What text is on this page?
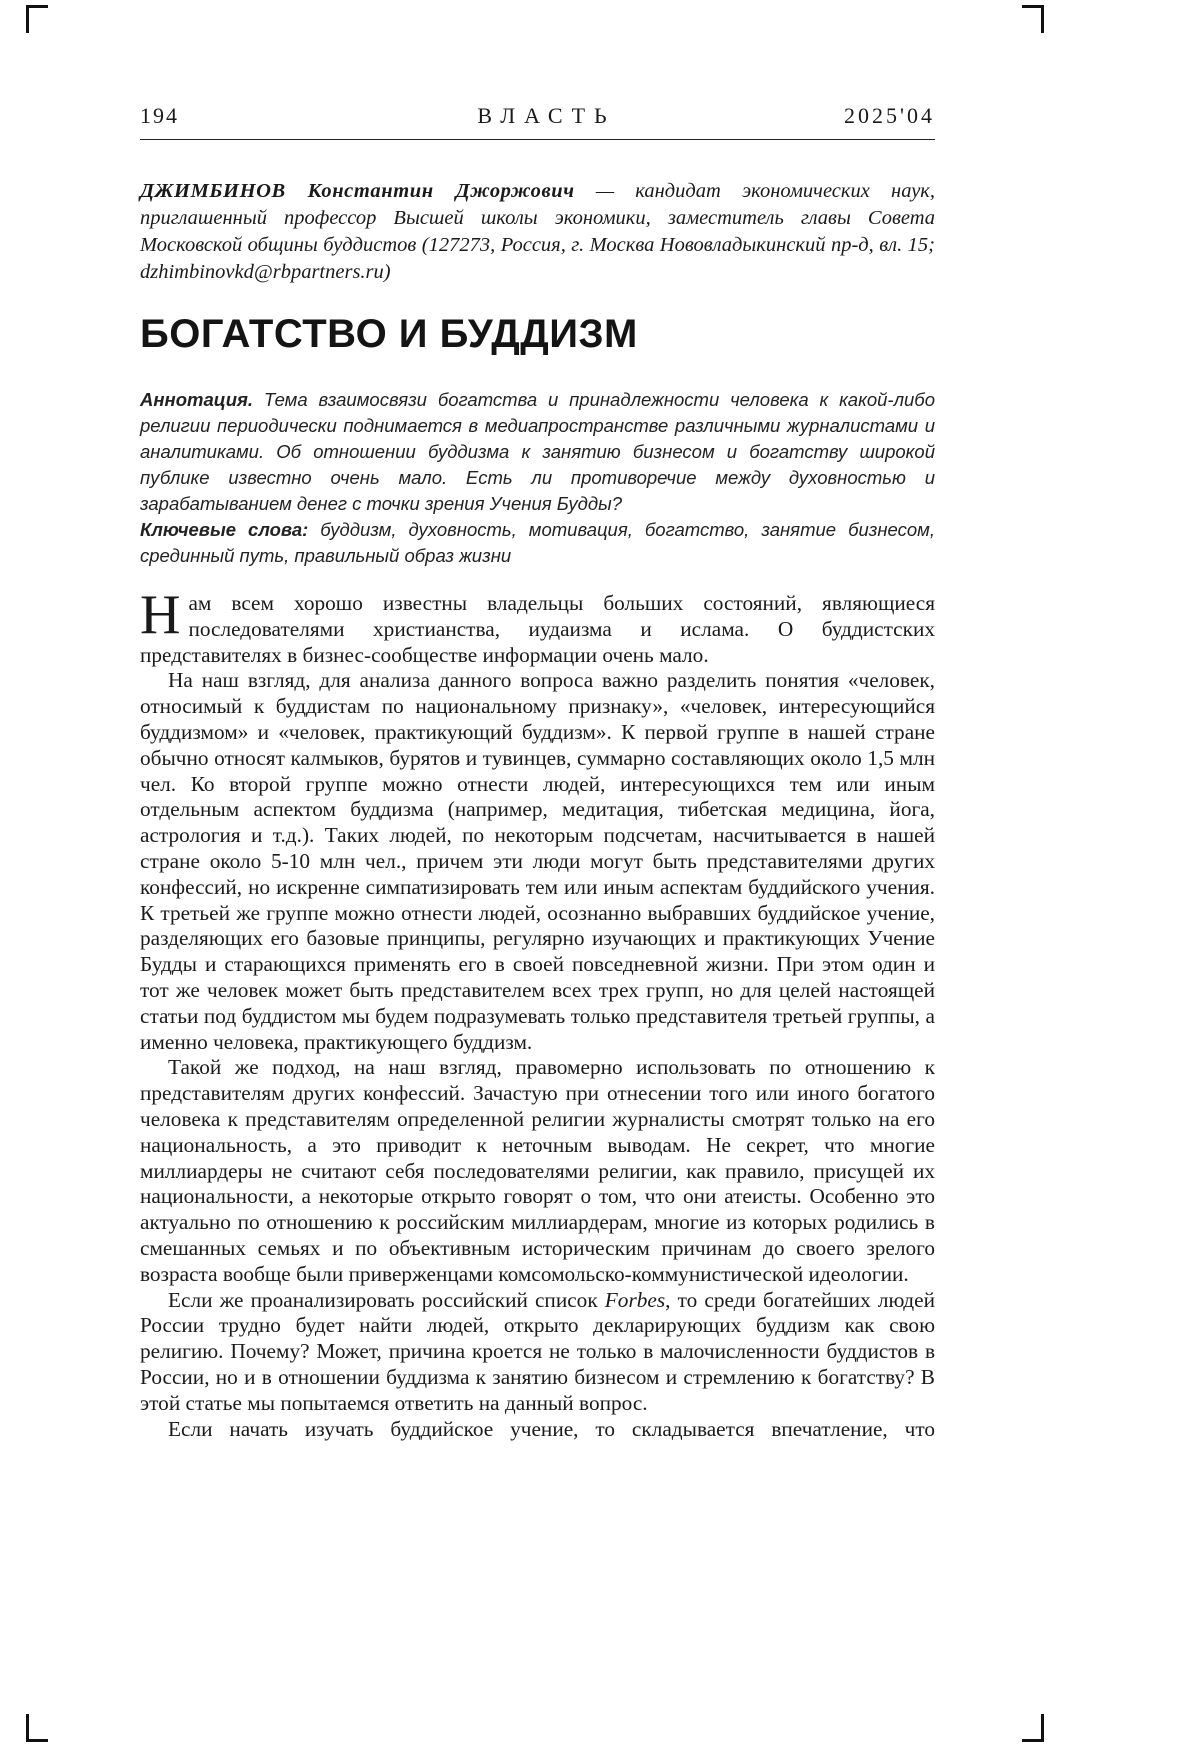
194	ВЛАСТЬ	2025'04
ДЖИМБИНОВ Константин Джоржович — кандидат экономических наук, приглашенный профессор Высшей школы экономики, заместитель главы Совета Московской общины буддистов (127273, Россия, г. Москва Нововладыкинский пр-д, вл. 15; dzhimbinovkd@rbpartners.ru)
БОГАТСТВО И БУДДИЗМ
Аннотация. Тема взаимосвязи богатства и принадлежности человека к какой-либо религии периодически поднимается в медиапространстве различными журналистами и аналитиками. Об отношении буддизма к занятию бизнесом и богатству широкой публике известно очень мало. Есть ли противоречие между духовностью и зарабатыванием денег с точки зрения Учения Будды?
Ключевые слова: буддизм, духовность, мотивация, богатство, занятие бизнесом, срединный путь, правильный образ жизни

Нам всем хорошо известны владельцы больших состояний, являющиеся последователями христианства, иудаизма и ислама. О буддистских представителях в бизнес-сообществе информации очень мало.

На наш взгляд, для анализа данного вопроса важно разделить понятия «человек, относимый к буддистам по национальному признаку», «человек, интересующийся буддизмом» и «человек, практикующий буддизм». К первой группе в нашей стране обычно относят калмыков, бурятов и тувинцев, суммарно составляющих около 1,5 млн чел. Ко второй группе можно отнести людей, интересующихся тем или иным отдельным аспектом буддизма (например, медитация, тибетская медицина, йога, астрология и т.д.). Таких людей, по некоторым подсчетам, насчитывается в нашей стране около 5-10 млн чел., причем эти люди могут быть представителями других конфессий, но искренне симпатизировать тем или иным аспектам буддийского учения. К третьей же группе можно отнести людей, осознанно выбравших буддийское учение, разделяющих его базовые принципы, регулярно изучающих и практикующих Учение Будды и старающихся применять его в своей повседневной жизни. При этом один и тот же человек может быть представителем всех трех групп, но для целей настоящей статьи под буддистом мы будем подразумевать только представителя третьей группы, а именно человека, практикующего буддизм.

Такой же подход, на наш взгляд, правомерно использовать по отношению к представителям других конфессий. Зачастую при отнесении того или иного богатого человека к представителям определенной религии журналисты смотрят только на его национальность, а это приводит к неточным выводам. Не секрет, что многие миллиардеры не считают себя последователями религии, как правило, присущей их национальности, а некоторые открыто говорят о том, что они атеисты. Особенно это актуально по отношению к российским миллиардерам, многие из которых родились в смешанных семьях и по объективным историческим причинам до своего зрелого возраста вообще были приверженцами комсомольско-коммунистической идеологии.

Если же проанализировать российский список Forbes, то среди богатейших людей России трудно будет найти людей, открыто декларирующих буддизм как свою религию. Почему? Может, причина кроется не только в малочисленности буддистов в России, но и в отношении буддизма к занятию бизнесом и стремлению к богатству? В этой статье мы попытаемся ответить на данный вопрос.

Если начать изучать буддийское учение, то складывается впечатление, что
